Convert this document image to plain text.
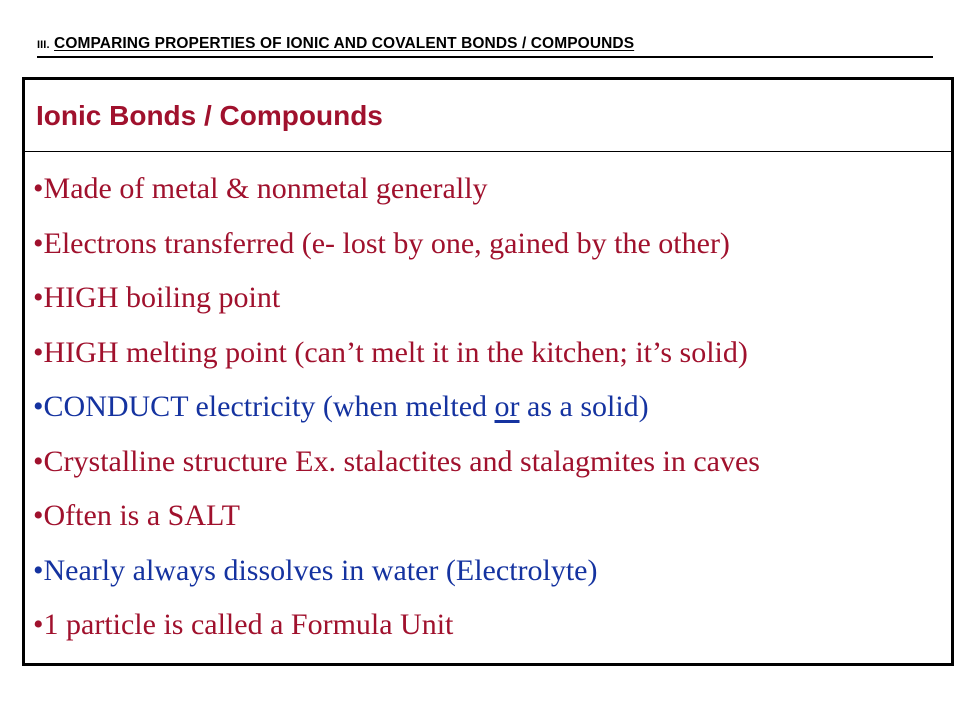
III. COMPARING PROPERTIES OF IONIC AND COVALENT BONDS / COMPOUNDS
Ionic Bonds / Compounds
•Made of metal & nonmetal generally
•Electrons transferred (e- lost by one, gained by the other)
•HIGH boiling point
•HIGH melting point (can’t melt it in the kitchen; it’s solid)
•CONDUCT electricity (when melted or as a solid)
•Crystalline structure Ex. stalactites and stalagmites in caves
•Often is a SALT
•Nearly always dissolves in water (Electrolyte)
•1 particle is called a Formula Unit
